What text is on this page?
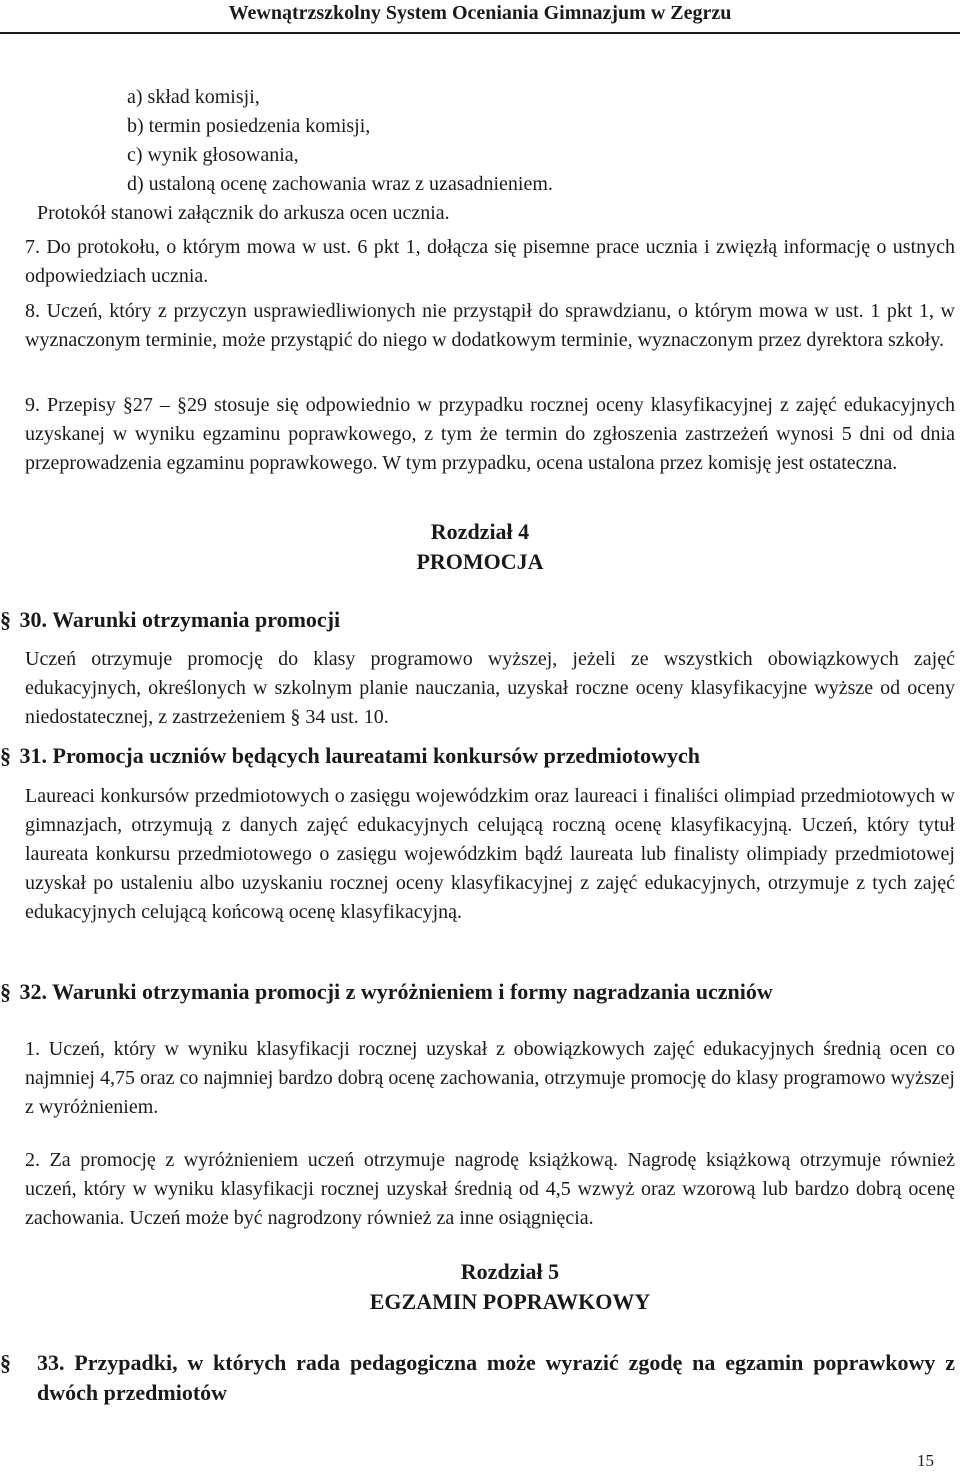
Wewnątrzszkolny System Oceniania Gimnazjum w Zegrzu
a) skład komisji,
b) termin posiedzenia komisji,
c) wynik głosowania,
d) ustaloną ocenę zachowania wraz z uzasadnieniem.
Protokół stanowi załącznik do arkusza ocen ucznia.

7. Do protokołu, o którym mowa w ust. 6 pkt 1, dołącza się pisemne prace ucznia i zwięzłą informację o ustnych odpowiedziach ucznia.

8. Uczeń, który z przyczyn usprawiedliwionych nie przystąpił do sprawdzianu, o którym mowa w ust. 1 pkt 1, w wyznaczonym terminie, może przystąpić do niego w dodatkowym terminie, wyznaczonym przez dyrektora szkoły.

9. Przepisy §27 – §29 stosuje się odpowiednio w przypadku rocznej oceny klasyfikacyjnej z zajęć edukacyjnych uzyskanej w wyniku egzaminu poprawkowego, z tym że termin do zgłoszenia zastrzeżeń wynosi 5 dni od dnia przeprowadzenia egzaminu poprawkowego. W tym przypadku, ocena ustalona przez komisję jest ostateczna.

Rozdział 4
PROMOCJA
§ 30. Warunki otrzymania promocji

Uczeń otrzymuje promocję do klasy programowo wyższej, jeżeli ze wszystkich obowiązkowych zajęć edukacyjnych, określonych w szkolnym planie nauczania, uzyskał roczne oceny klasyfikacyjne wyższe od oceny niedostatecznej, z zastrzeżeniem § 34 ust. 10.

§ 31. Promocja uczniów będących laureatami konkursów przedmiotowych

Laureaci konkursów przedmiotowych o zasięgu wojewódzkim oraz laureaci i finaliści olimpiad przedmiotowych w gimnazjach, otrzymują z danych zajęć edukacyjnych celującą roczną ocenę klasyfikacyjną. Uczeń, który tytuł laureata konkursu przedmiotowego o zasięgu wojewódzkim bądź laureata lub finalisty olimpiady przedmiotowej uzyskał po ustaleniu albo uzyskaniu rocznej oceny klasyfikacyjnej z zajęć edukacyjnych, otrzymuje z tych zajęć edukacyjnych celującą końcową ocenę klasyfikacyjną.

§ 32. Warunki otrzymania promocji z wyróżnieniem i formy nagradzania uczniów

1. Uczeń, który w wyniku klasyfikacji rocznej uzyskał z obowiązkowych zajęć edukacyjnych średnią ocen co najmniej 4,75 oraz co najmniej bardzo dobrą ocenę zachowania, otrzymuje promocję do klasy programowo wyższej z wyróżnieniem.

2. Za promocję z wyróżnieniem uczeń otrzymuje nagrodę książkową. Nagrodę książkową otrzymuje również uczeń, który w wyniku klasyfikacji rocznej uzyskał średnią od 4,5 wzwyż oraz wzorową lub bardzo dobrą ocenę zachowania. Uczeń może być nagrodzony również za inne osiągnięcia.

Rozdział 5
EGZAMIN POPRAWKOWY
§	33. Przypadki, w których rada pedagogiczna może wyrazić zgodę na egzamin poprawkowy z dwóch przedmiotów
15
